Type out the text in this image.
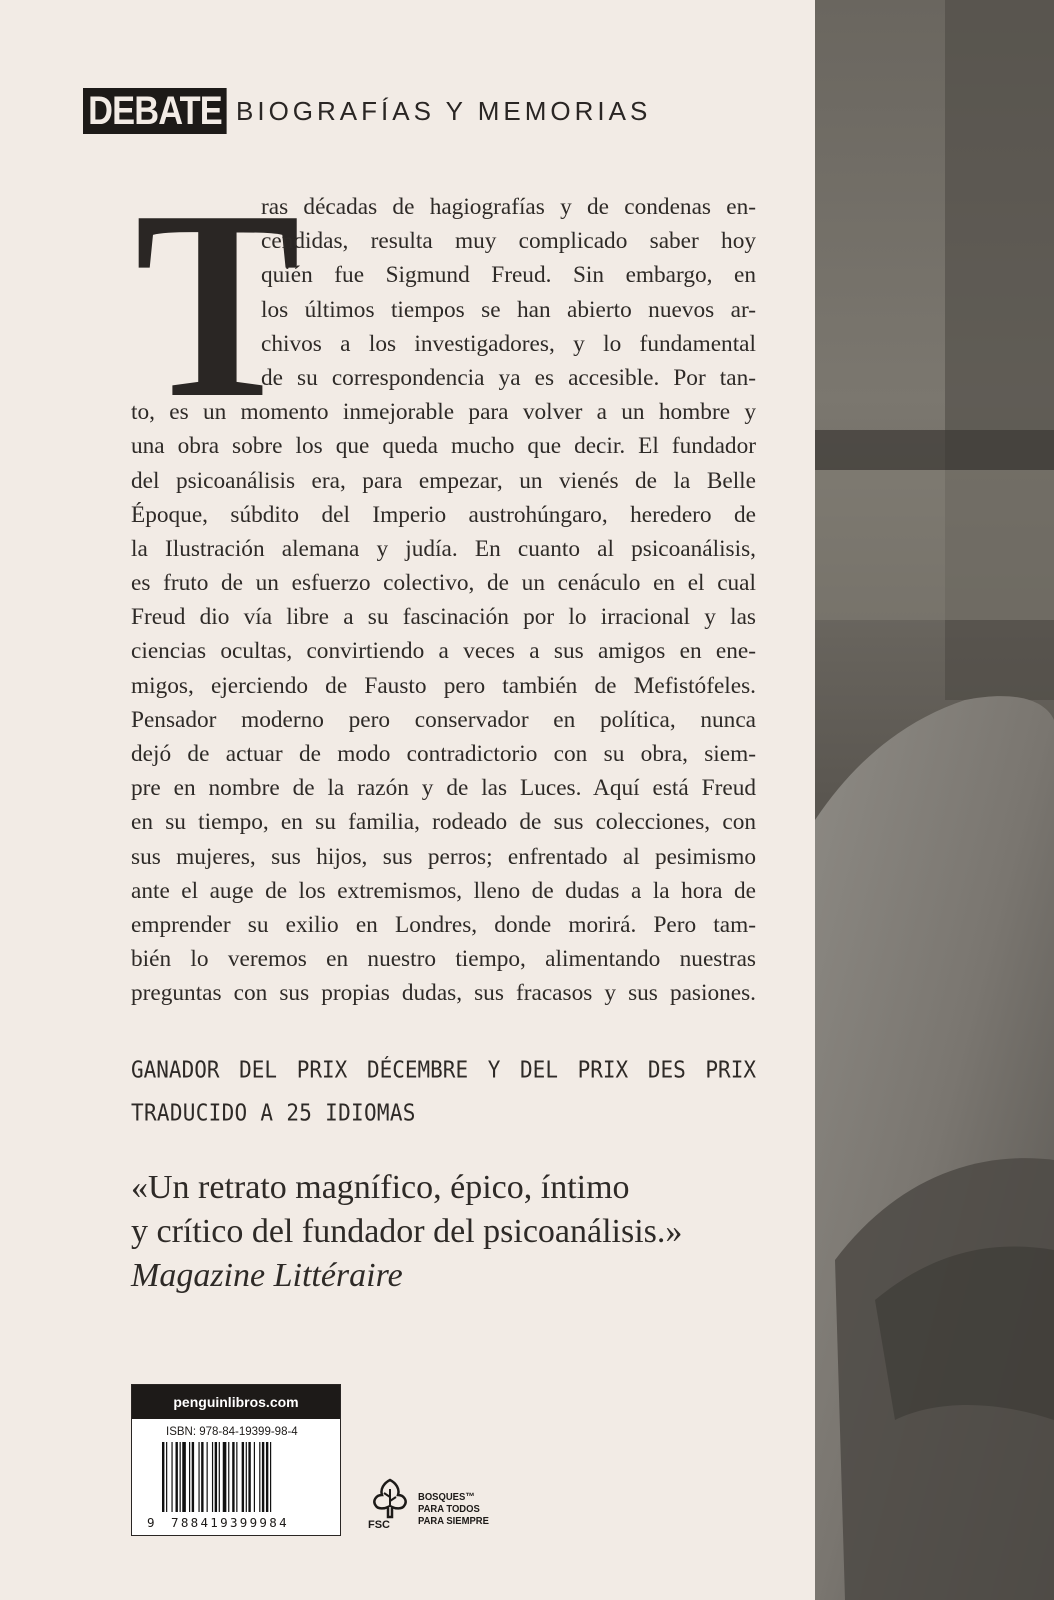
DEBATE BIOGRAFÍAS Y MEMORIAS
T
ras décadas de hagiografías y de condenas en-
cendidas, resulta muy complicado saber hoy
quién fue Sigmund Freud. Sin embargo, en
los últimos tiempos se han abierto nuevos ar-
chivos a los investigadores, y lo fundamental
de su correspondencia ya es accesible. Por tan-
to, es un momento inmejorable para volver a un hombre y
una obra sobre los que queda mucho que decir. El fundador
del psicoanálisis era, para empezar, un vienés de la Belle
Époque, súbdito del Imperio austrohúngaro, heredero de
la Ilustración alemana y judía. En cuanto al psicoanálisis,
es fruto de un esfuerzo colectivo, de un cenáculo en el cual
Freud dio vía libre a su fascinación por lo irracional y las
ciencias ocultas, convirtiendo a veces a sus amigos en ene-
migos, ejerciendo de Fausto pero también de Mefistófeles.
Pensador moderno pero conservador en política, nunca
dejó de actuar de modo contradictorio con su obra, siem-
pre en nombre de la razón y de las Luces. Aquí está Freud
en su tiempo, en su familia, rodeado de sus colecciones, con
sus mujeres, sus hijos, sus perros; enfrentado al pesimismo
ante el auge de los extremismos, lleno de dudas a la hora de
emprender su exilio en Londres, donde morirá. Pero tam-
bién lo veremos en nuestro tiempo, alimentando nuestras
preguntas con sus propias dudas, sus fracasos y sus pasiones.
GANADOR DEL PRIX DÉCEMBRE Y DEL PRIX DES PRIX
TRADUCIDO A 25 IDIOMAS
«Un retrato magnífico, épico, íntimo
y crítico del fundador del psicoanálisis.»
Magazine Littéraire
penguinlibros.com
ISBN: 978-84-19399-98-4
9 788419399984	FSC
BOSQUES™
PARA TODOS
PARA SIEMPRE
